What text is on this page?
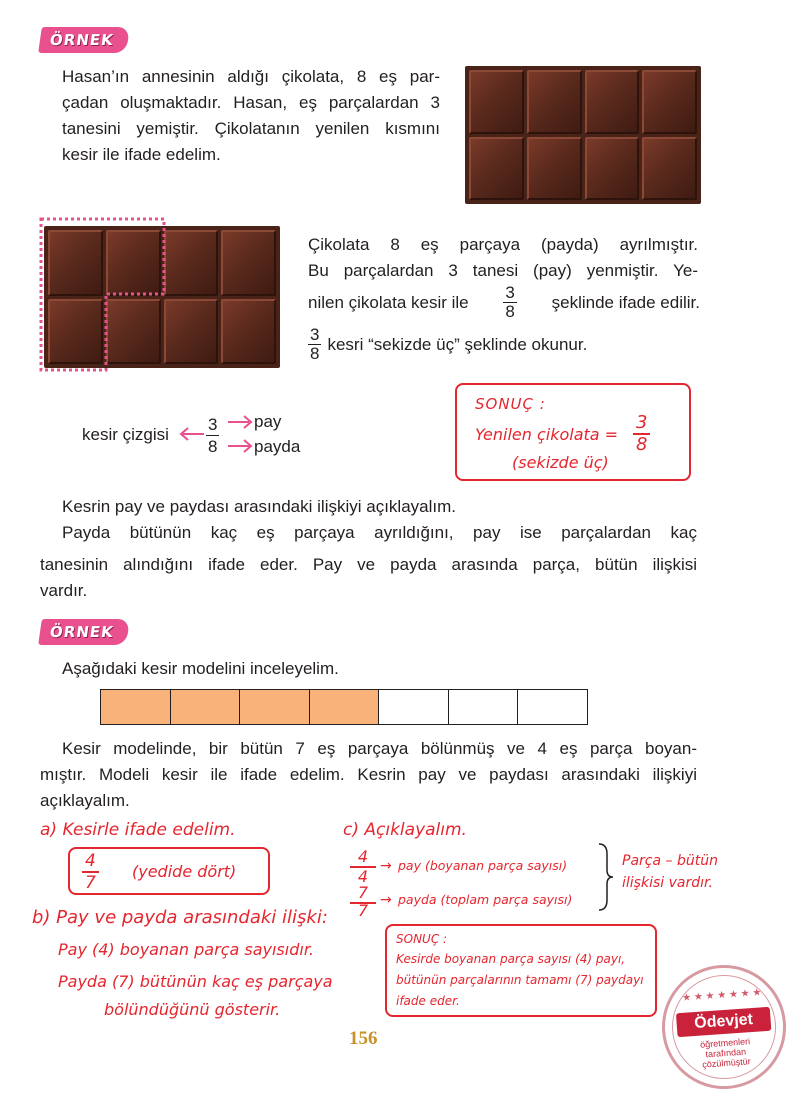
ÖRNEK
Hasan’ın annesinin aldığı çikolata, 8 eş par-
çadan oluşmaktadır. Hasan, eş parçalardan 3
tanesini yemiştir. Çikolatanın yenilen kısmını
kesir ile ifade edelim.
Çikolata 8 eş parçaya (payda) ayrılmıştır.
Bu parçalardan 3 tanesi (pay) yenmiştir. Ye-
nilen çikolata kesir ile $\frac{3}{8}$ şeklinde ifade edilir.
$\frac{3}{8}$ kesri “sekizde üç” şeklinde okunur.
kesir çizgisi $\frac{3}{8}$ pay
payda
SONUÇ :
Yenilen çikolata = $\frac{3}{8}$
(sekizde üç)
Kesrin pay ve paydası arasındaki ilişkiyi açıklayalım.
Payda bütünün kaç eş parçaya ayrıldığını, pay ise parçalardan kaç
tanesinin alındığını ifade eder. Pay ve payda arasında parça, bütün ilişkisi
vardır.
ÖRNEK
Aşağıdaki kesir modelini inceleyelim.
Kesir modelinde, bir bütün 7 eş parçaya bölünmüş ve 4 eş parça boyan-
mıştır. Modeli kesir ile ifade edelim. Kesrin pay ve paydası arasındaki ilişkiyi
açıklayalım.
a) Kesirle ifade edelim.
$\frac{4}{7}$ (yedide dört)
b) Pay ve payda arasındaki ilişki:
Pay (4) boyanan parça sayısıdır.
Payda (7) bütünün kaç eş parçaya
bölündüğünü gösterir.
c) Açıklayalım.
4 → pay (boyanan parça sayısı)
4
7 → payda (toplam parça sayısı)
7
Parça – bütün
ilişkisi vardır.
SONUÇ :
Kesirde boyanan parça sayısı (4) payı,
bütünün parçalarının tamamı (7) paydayı
ifade eder.
156
★ ★ ★ ★ ★ ★ ★
Ödevjet
öğretmenleri
tarafından
çözülmüştür
